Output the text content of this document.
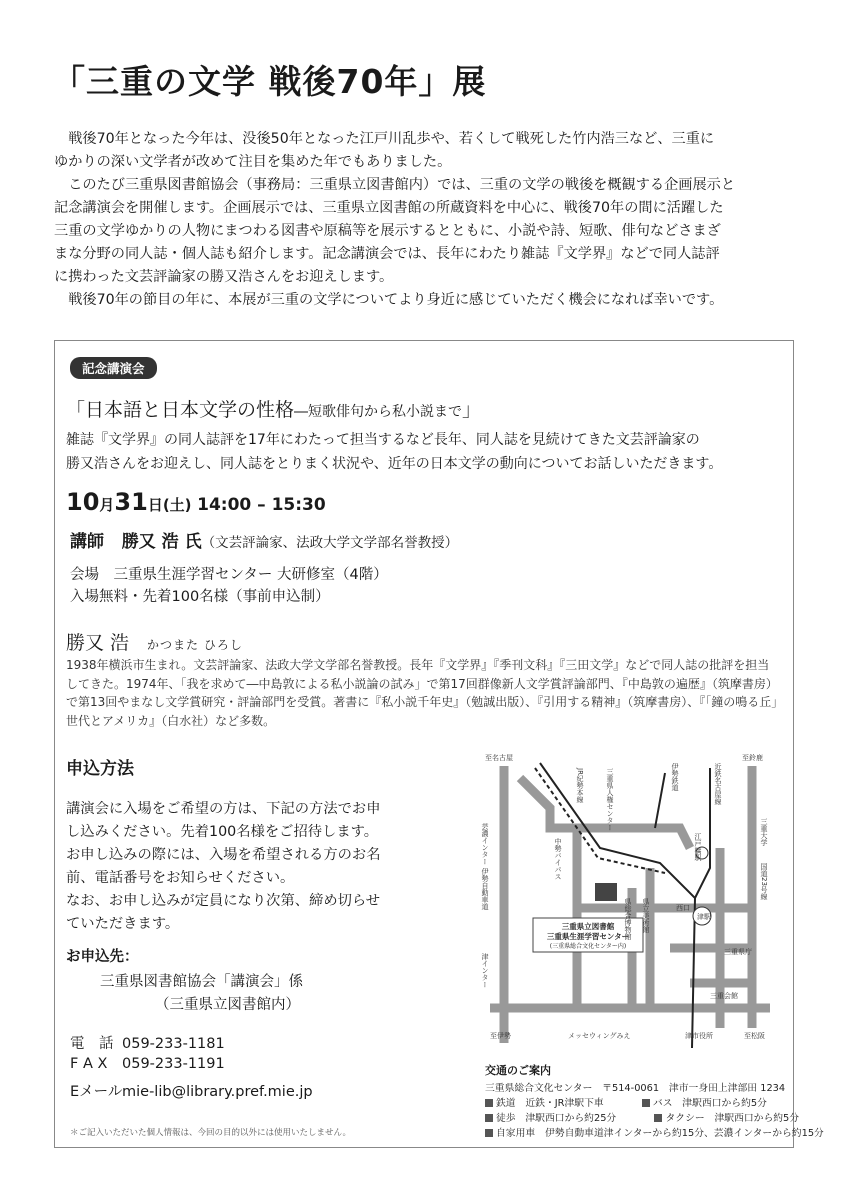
「三重の文学 戦後70年」展

　戦後70年となった今年は、没後50年となった江戸川乱歩や、若くして戦死した竹内浩三など、三重に

ゆかりの深い文学者が改めて注目を集めた年でもありました。

　このたび三重県図書館協会（事務局：三重県立図書館内）では、三重の文学の戦後を概観する企画展示と

記念講演会を開催します。企画展示では、三重県立図書館の所蔵資料を中心に、戦後70年の間に活躍した

三重の文学ゆかりの人物にまつわる図書や原稿等を展示するとともに、小説や詩、短歌、俳句などさまざ

まな分野の同人誌・個人誌も紹介します。記念講演会では、長年にわたり雑誌『文学界』などで同人誌評

に携わった文芸評論家の勝又浩さんをお迎えします。

　戦後70年の節目の年に、本展が三重の文学についてより身近に感じていただく機会になれば幸いです。

記念講演会
「日本語と日本文学の性格―短歌俳句から私小説まで」

雑誌『文学界』の同人誌評を17年にわたって担当するなど長年、同人誌を見続けてきた文芸評論家の

勝又浩さんをお迎えし、同人誌をとりまく状況や、近年の日本文学の動向についてお話しいただきます。

10月31日(土) 14:00 – 15:30
講師 勝又 浩 氏（文芸評論家、法政大学文学部名誉教授）
会場　三重県生涯学習センター 大研修室（4階）
入場無料・先着100名様（事前申込制）
勝又 浩 かつまた ひろし

1938年横浜市生まれ。文芸評論家、法政大学文学部名誉教授。長年『文学界』『季刊文科』『三田文学』などで同人誌の批評を担当

してきた。1974年、「我を求めて―中島敦による私小説論の試み」で第17回群像新人文学賞評論部門、『中島敦の遍歴』（筑摩書房）

で第13回やまなし文学賞研究・評論部門を受賞。著書に『私小説千年史』（勉誠出版）、『引用する精神』（筑摩書房）、『「鐘の鳴る丘」

世代とアメリカ』（白水社）など多数。

申込方法

講演会に入場をご希望の方は、下記の方法でお申

し込みください。先着100名様をご招待します。

お申し込みの際には、入場を希望される方のお名

前、電話番号をお知らせください。

なお、お申し込みが定員になり次第、締め切らせ

ていただきます。

お申込先：
三重県図書館協会「講演会」係
（三重県立図書館内）
電　話 059-233-1181
F A X 059-233-1191
Eメールmie-lib@library.pref.mie.jp
＊ご記入いただいた個人情報は、今回の目的以外には使用いたしません。
三重県立図書館
三重県生涯学習センター
(三重県総合文化センター内)
至名古屋	至鈴鹿
芸濃インター
伊勢自動車道
津インター
JR紀勢本線	三重県人権センター	伊勢鉄道	近鉄名古屋線
江戸橋駅
三重大学
国道23号線
中勢バイパス
県総合博物館 県立美術館	西口
津駅
三重県庁
三重会館
至伊勢	メッセウィングみえ	津市役所	至松阪
交通のご案内
三重県総合文化センター　〒514-0061　津市一身田上津部田 1234
鉄道　近鉄・JR津駅下車	バス　津駅西口から約5分
徒歩　津駅西口から約25分	タクシー　津駅西口から約5分
自家用車　伊勢自動車道津インターから約15分、芸濃インターから約15分
